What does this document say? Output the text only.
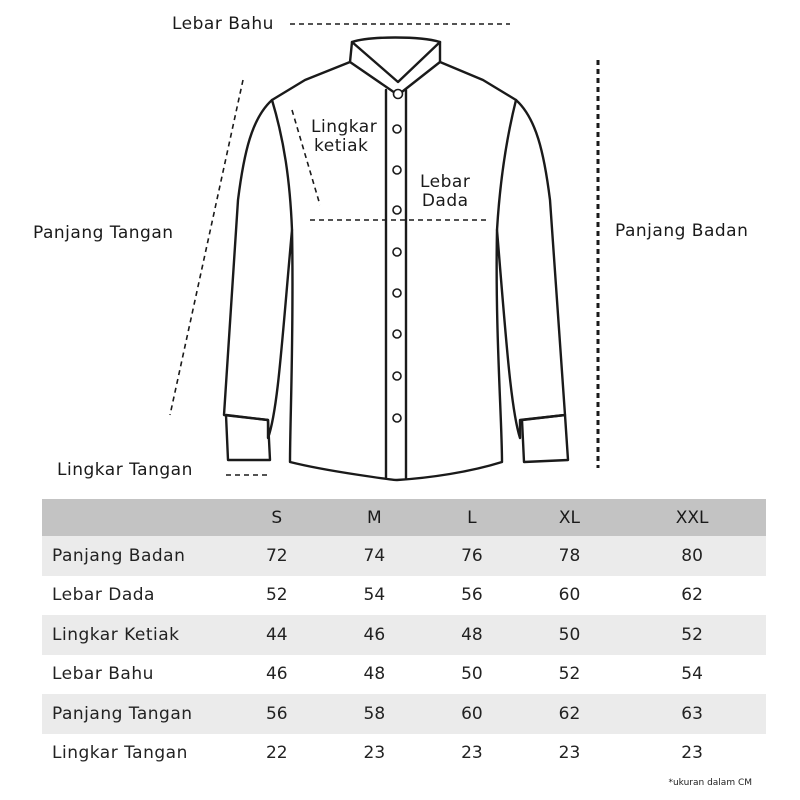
Lebar Bahu
Lingkar
ketiak
Lebar
Dada
Panjang Tangan	Panjang Badan
Lingkar Tangan
	S	M	L	XL	XXL
Panjang Badan	72	74	76	78	80
Lebar Dada	52	54	56	60	62
Lingkar Ketiak	44	46	48	50	52
Lebar Bahu	46	48	50	52	54
Panjang Tangan	56	58	60	62	63
Lingkar Tangan	22	23	23	23	23
*ukuran dalam CM
